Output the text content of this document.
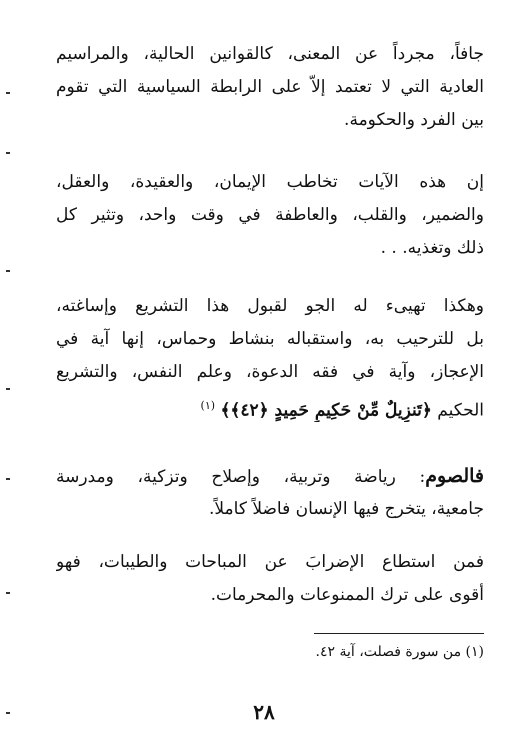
جافاً، مجرداً عن المعنى، كالقوانين الحالية، والمراسيم
العادية التي لا تعتمد إلاّ على الرابطة السياسية التي تقوم
بين الفرد والحكومة.
إن هذه الآيات تخاطب الإيمان، والعقيدة، والعقل،
والضمير، والقلب، والعاطفة في وقت واحد، وتثير كل
ذلك وتغذيه. . .
وهكذا تهيىء له الجو لقبول هذا التشريع وإساغته،
بل للترحيب به، واستقباله بنشاط وحماس، إنها آية في
الإعجاز، وآية في فقه الدعوة، وعلم النفس، والتشريع
الحكيم ﴿تَنزِيلٌ مِّنْ حَكِيمٍ حَمِيدٍ ﴿٤٢﴾﴾ $^{(١)}$
فالصوم: رياضة وتربية، وإصلاح وتزكية، ومدرسة
جامعية، يتخرج فيها الإنسان فاضلاً كاملاً.
فمن استطاع الإضرابَ عن المباحات والطيبات، فهو
أقوى على ترك الممنوعات والمحرمات.
(١) من سورة فصلت، آية ٤٢.
٢٨
